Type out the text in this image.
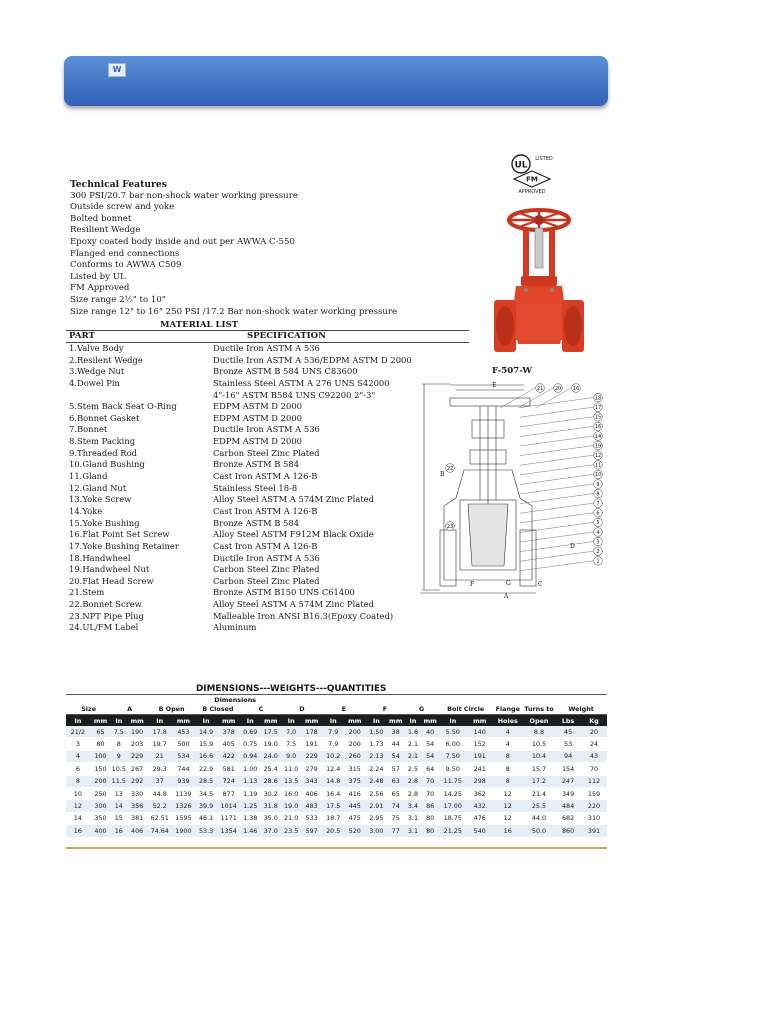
W
UL
LISTED
FM
APPROVED
Technical Features
300 PSI/20.7 bar non-shock water working pressure
Outside screw and yoke
Bolted bonnet
Resilient Wedge
Epoxy coated body inside and out per AWWA C-550
Flanged end connections
Conforms to AWWA C509
Listed by UL
FM Approved
Size range 2½" to 10"
Size range 12" to 16" 250 PSI /17.2 Bar non-shock water working pressure
MATERIAL LIST
PART	SPECIFICATION
1.Valve Body	Ductile Iron ASTM A 536
2.Resilent Wedge	Ductile Iron ASTM A 536/EDPM ASTM D 2000
3.Wedge Nut	Bronze ASTM B 584 UNS C83600
4.Dowel Pin	Stainless Steel ASTM A 276 UNS S42000
4"-16" ASTM B584 UNS C92200 2"-3"
5.Stem Back Seat O-Ring	EDPM ASTM D 2000
6.Bonnet Gasket	EDPM ASTM D 2000
7.Bonnet	Ductile Iron ASTM A 536
8.Stem Packing	EDPM ASTM D 2000
9.Threaded Rod	Carbon Steel Zinc Plated
10.Gland Bushing	Bronze ASTM B 584
11.Gland	Cast Iron ASTM A 126-B
12.Gland Nut	Stainless Steel 18-8
13.Yoke Screw	Alloy Steel ASTM A 574M Zinc Plated
14.Yoke	Cast Iron ASTM A 126-B
15.Yoke Bushing	Bronze ASTM B 584
16.Flat Point Set Screw	Alloy Steel ASTM F912M Black Oxide
17.Yoke Bushing Retainer	Cast Iron ASTM A 126-B
18.Handwheel	Ductile Iron ASTM A 536
19.Handwheel Nut	Carbon Steel Zinc Plated
20.Flat Head Screw	Carbon Steel Zinc Plated
21.Stem	Bronze ASTM B150 UNS C61400
22.Bonnet Screw	Alloy Steel ASTM A 574M Zinc Plated
23.NPT Pipe Plug	Malleable Iron ANSI B16.3(Epoxy Coated)
24.UL/FM Label	Aluminum
F-507-W
B
E
D
C
F
A
G
21 20 16
18
17
15
16
14
19
12
11
10
9
8
7
6
5
4
3
2
1
22
23
DIMENSIONS---WEIGHTS---QUANTITIES
				Dimensions																			
Size		A		B Open		B Closed		C		D		E		F		G		Bolt Circle		Flange	Turns to	Weight	
In	mm	In	mm	In	mm	In	mm	In	mm	In	mm	In	mm	In	mm	In	mm	In	mm	Holes	Open	Lbs	Kg
21/2	65	7.5	190	17.8	453	14.9	378	0.69	17.5	7.0	178	7.9	200	1.50	38	1.6	40	5.50	140	4	8.8	45	20
3	80	8	203	19.7	500	15.9	405	0.75	19.0	7.5	191	7.9	200	1.73	44	2.1	54	6.00	152	4	10.5	53	24
4	100	9	229	21	534	16.6	422	0.94	24.0	9.0	229	10.2	260	2.13	54	2.1	54	7.50	191	8	10.4	94	43
6	150	10.5	267	29.3	744	22.9	581	1.00	25.4	11.0	279	12.4	315	2.24	57	2.5	64	9.50	241	8	15.7	154	70
8	200	11.5	292	37	939	28.5	724	1.13	28.6	13.5	343	14.8	375	2.48	63	2.8	70	11.75	298	8	17.2	247	112
10	250	13	330	44.8	1139	34.5	877	1.19	30.2	16.0	406	16.4	416	2.56	65	2.8	70	14.25	362	12	21.4	349	159
12	300	14	356	52.2	1326	39.9	1014	1.25	31.8	19.0	483	17.5	445	2.91	74	3.4	86	17.00	432	12	25.5	484	220
14	350	15	381	62.51	1595	46.1	1171	1.38	35.0	21.0	533	18.7	475	2.95	75	3.1	80	18.75	476	12	44.0	682	310
16	400	16	406	74.64	1900	53.3	1354	1.46	37.0	23.5	597	20.5	520	3.00	77	3.1	80	21.25	540	16	50.0	860	391
